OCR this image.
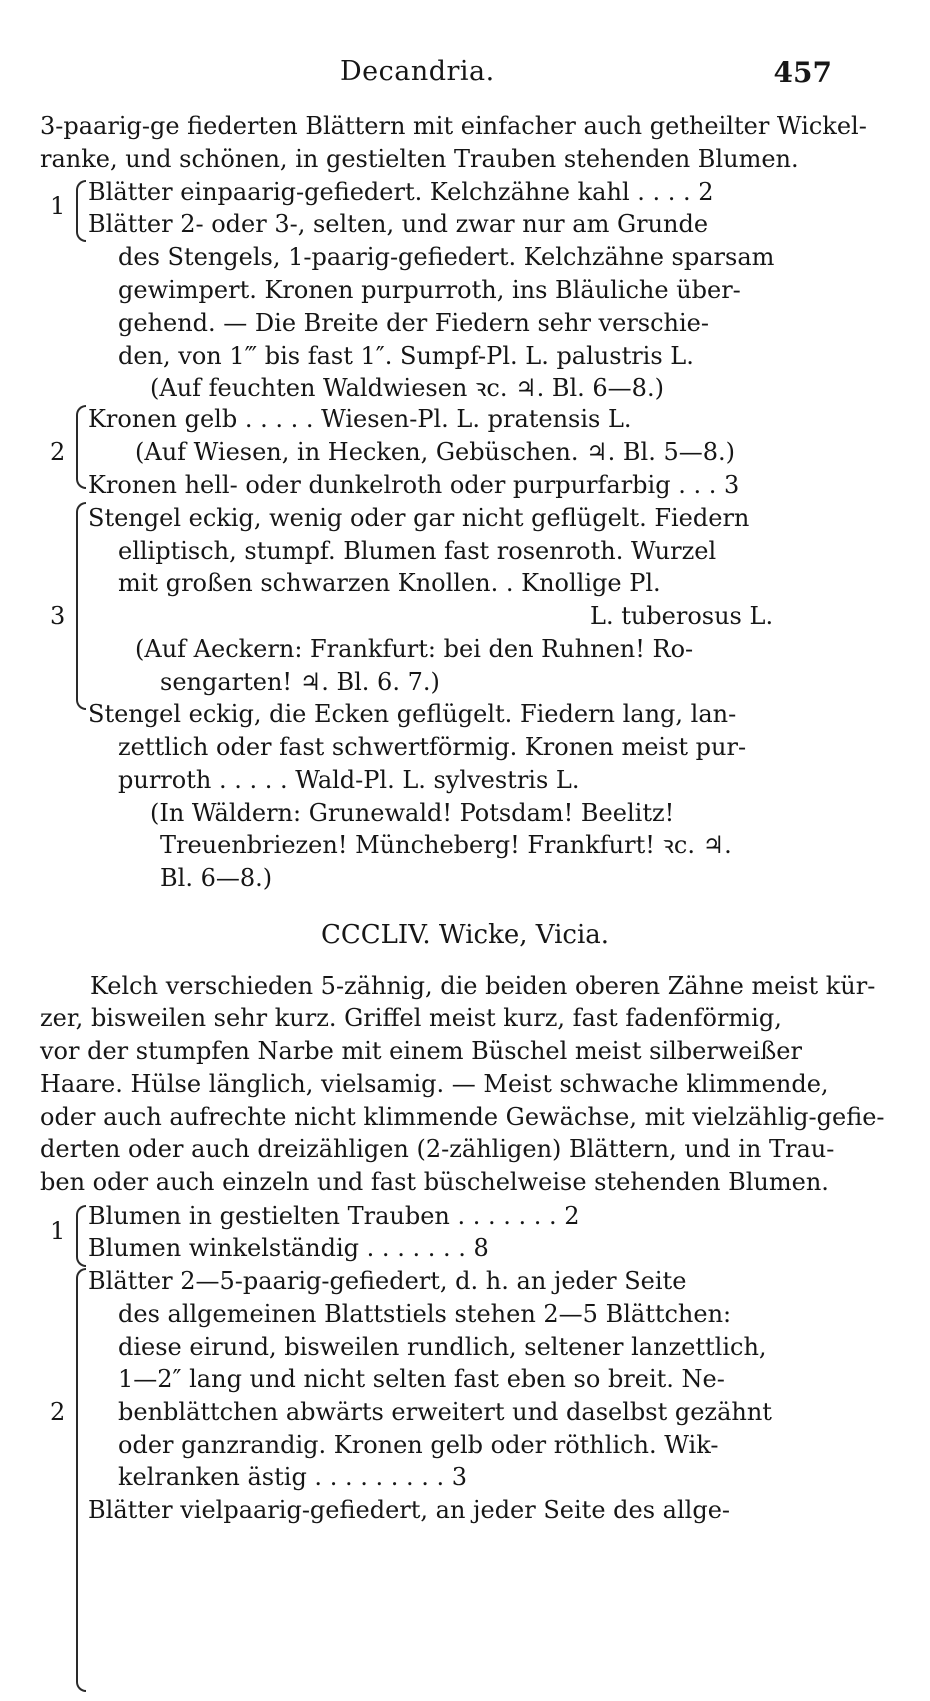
Decandria.	457
3-paarig-ge fiederten Blättern mit einfacher auch getheilter Wickel-
ranke, und schönen, in gestielten Trauben stehenden Blumen.
1 Blätter einpaarig-gefiedert. Kelchzähne kahl . . . . 2
Blätter 2- oder 3-, selten, und zwar nur am Grunde
des Stengels, 1-paarig-gefiedert. Kelchzähne sparsam
gewimpert. Kronen purpurroth, ins Bläuliche über-
gehend. — Die Breite der Fiedern sehr verschie-
den, von 1‴ bis fast 1″. Sumpf-Pl. L. palustris L.
(Auf feuchten Waldwiesen ꝛc. ♃. Bl. 6—8.)
Kronen gelb . . . . . Wiesen-Pl. L. pratensis L.
2	(Auf Wiesen, in Hecken, Gebüschen. ♃. Bl. 5—8.)
Kronen hell- oder dunkelroth oder purpurfarbig . . . 3
Stengel eckig, wenig oder gar nicht geflügelt. Fiedern
elliptisch, stumpf. Blumen fast rosenroth. Wurzel
mit großen schwarzen Knollen. . Knollige Pl.
3	L. tuberosus L.
(Auf Aeckern: Frankfurt: bei den Ruhnen! Ro-
sengarten! ♃. Bl. 6. 7.)
Stengel eckig, die Ecken geflügelt. Fiedern lang, lan-
zettlich oder fast schwertförmig. Kronen meist pur-
purroth . . . . . Wald-Pl. L. sylvestris L.
(In Wäldern: Grunewald! Potsdam! Beelitz!
Treuenbriezen! Müncheberg! Frankfurt! ꝛc. ♃.
Bl. 6—8.)
CCCLIV. Wicke, Vicia.
Kelch verschieden 5-zähnig, die beiden oberen Zähne meist kür-
zer, bisweilen sehr kurz. Griffel meist kurz, fast fadenförmig,
vor der stumpfen Narbe mit einem Büschel meist silberweißer
Haare. Hülse länglich, vielsamig. — Meist schwache klimmende,
oder auch aufrechte nicht klimmende Gewächse, mit vielzählig-gefie-
derten oder auch dreizähligen (2-zähligen) Blättern, und in Trau-
ben oder auch einzeln und fast büschelweise stehenden Blumen.
Blumen in gestielten Trauben . . . . . . . 2
1
Blumen winkelständig . . . . . . . 8
Blätter 2—5-paarig-gefiedert, d. h. an jeder Seite
des allgemeinen Blattstiels stehen 2—5 Blättchen:
diese eirund, bisweilen rundlich, seltener lanzettlich,
1—2″ lang und nicht selten fast eben so breit. Ne-
2 benblättchen abwärts erweitert und daselbst gezähnt
oder ganzrandig. Kronen gelb oder röthlich. Wik-
kelranken ästig . . . . . . . . . 3
Blätter vielpaarig-gefiedert, an jeder Seite des allge-
